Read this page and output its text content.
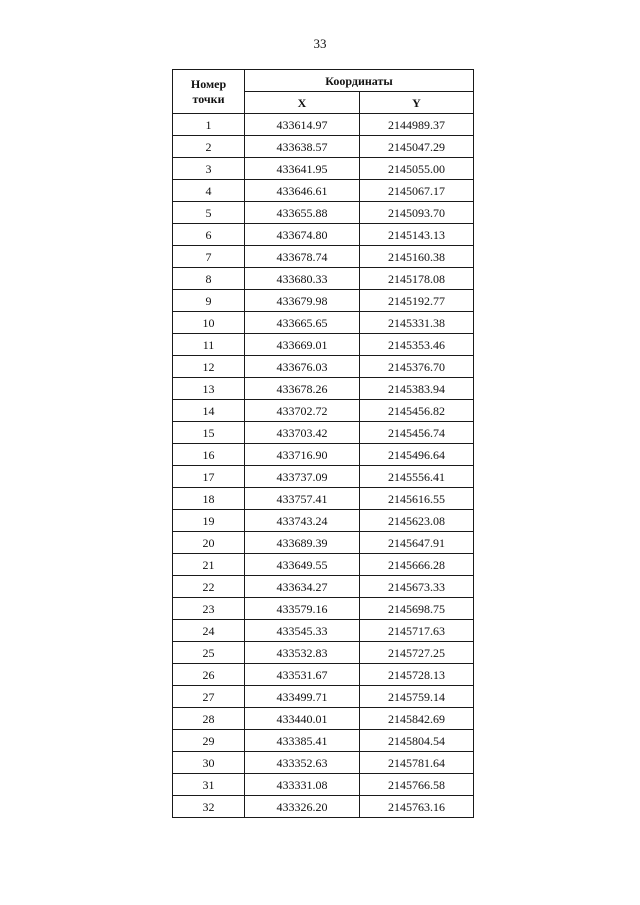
33
Номер
точки	Координаты	
	X	Y
1	433614.97	2144989.37
2	433638.57	2145047.29
3	433641.95	2145055.00
4	433646.61	2145067.17
5	433655.88	2145093.70
6	433674.80	2145143.13
7	433678.74	2145160.38
8	433680.33	2145178.08
9	433679.98	2145192.77
10	433665.65	2145331.38
11	433669.01	2145353.46
12	433676.03	2145376.70
13	433678.26	2145383.94
14	433702.72	2145456.82
15	433703.42	2145456.74
16	433716.90	2145496.64
17	433737.09	2145556.41
18	433757.41	2145616.55
19	433743.24	2145623.08
20	433689.39	2145647.91
21	433649.55	2145666.28
22	433634.27	2145673.33
23	433579.16	2145698.75
24	433545.33	2145717.63
25	433532.83	2145727.25
26	433531.67	2145728.13
27	433499.71	2145759.14
28	433440.01	2145842.69
29	433385.41	2145804.54
30	433352.63	2145781.64
31	433331.08	2145766.58
32	433326.20	2145763.16
